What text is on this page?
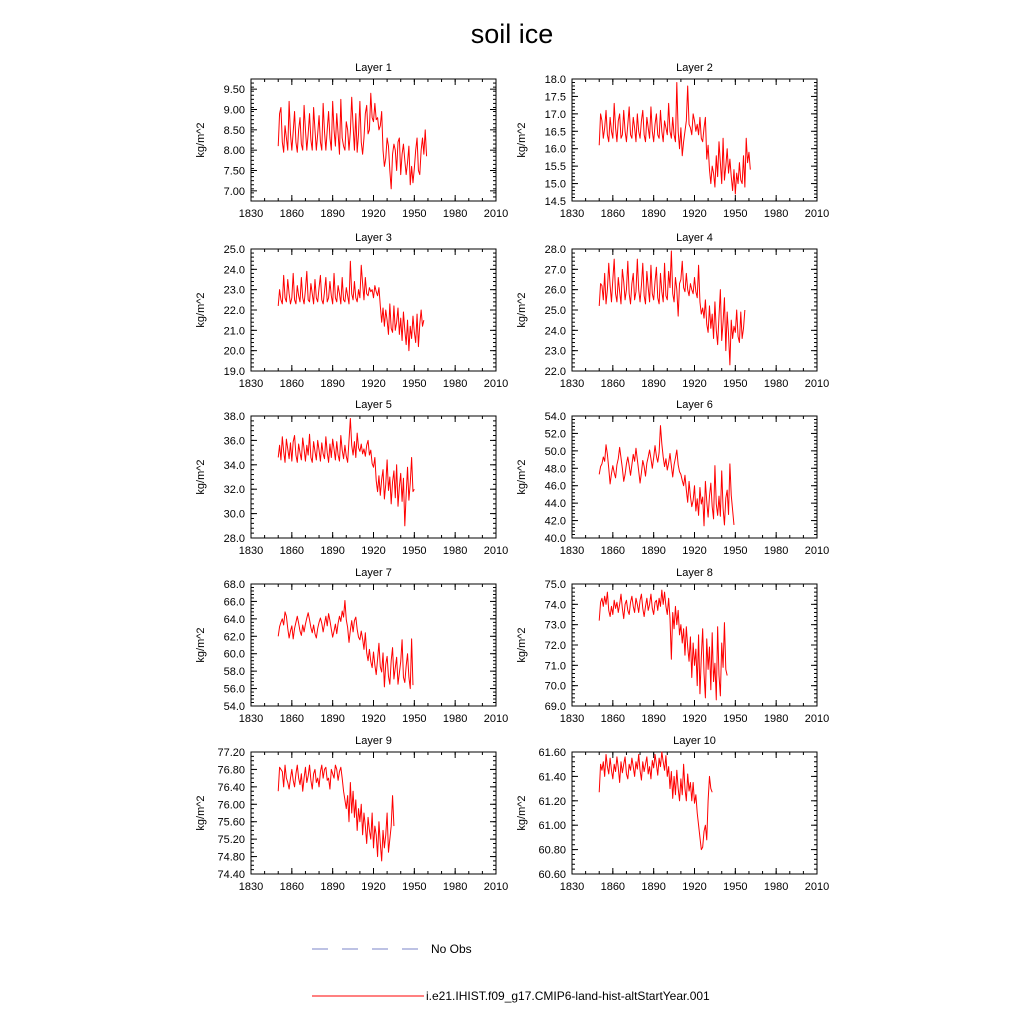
soil ice
Layer 1
kg/m^2
1830 1860 1890 1920 1950 1980 2010
7.00
7.50
8.00
8.50
9.00
9.50
Layer 2
kg/m^2
1830 1860 1890 1920 1950 1980 2010
14.5
15.0
15.5
16.0
16.5
17.0
17.5
18.0
Layer 3
kg/m^2
1830 1860 1890 1920 1950 1980 2010
19.0
20.0
21.0
22.0
23.0
24.0
25.0
Layer 4
kg/m^2
1830 1860 1890 1920 1950 1980 2010
22.0
23.0
24.0
25.0
26.0
27.0
28.0
Layer 5
kg/m^2
1830 1860 1890 1920 1950 1980 2010
28.0
30.0
32.0
34.0
36.0
38.0
Layer 6
kg/m^2
1830 1860 1890 1920 1950 1980 2010
40.0
42.0
44.0
46.0
48.0
50.0
52.0
54.0
Layer 7
kg/m^2
1830 1860 1890 1920 1950 1980 2010
54.0
56.0
58.0
60.0
62.0
64.0
66.0
68.0
Layer 8
kg/m^2
1830 1860 1890 1920 1950 1980 2010
69.0
70.0
71.0
72.0
73.0
74.0
75.0
Layer 9
kg/m^2
1830 1860 1890 1920 1950 1980 2010
74.40
74.80
75.20
75.60
76.00
76.40
76.80
77.20
Layer 10
kg/m^2
1830 1860 1890 1920 1950 1980 2010
60.60
60.80
61.00
61.20
61.40
61.60
No Obs
i.e21.IHIST.f09_g17.CMIP6-land-hist-altStartYear.001
